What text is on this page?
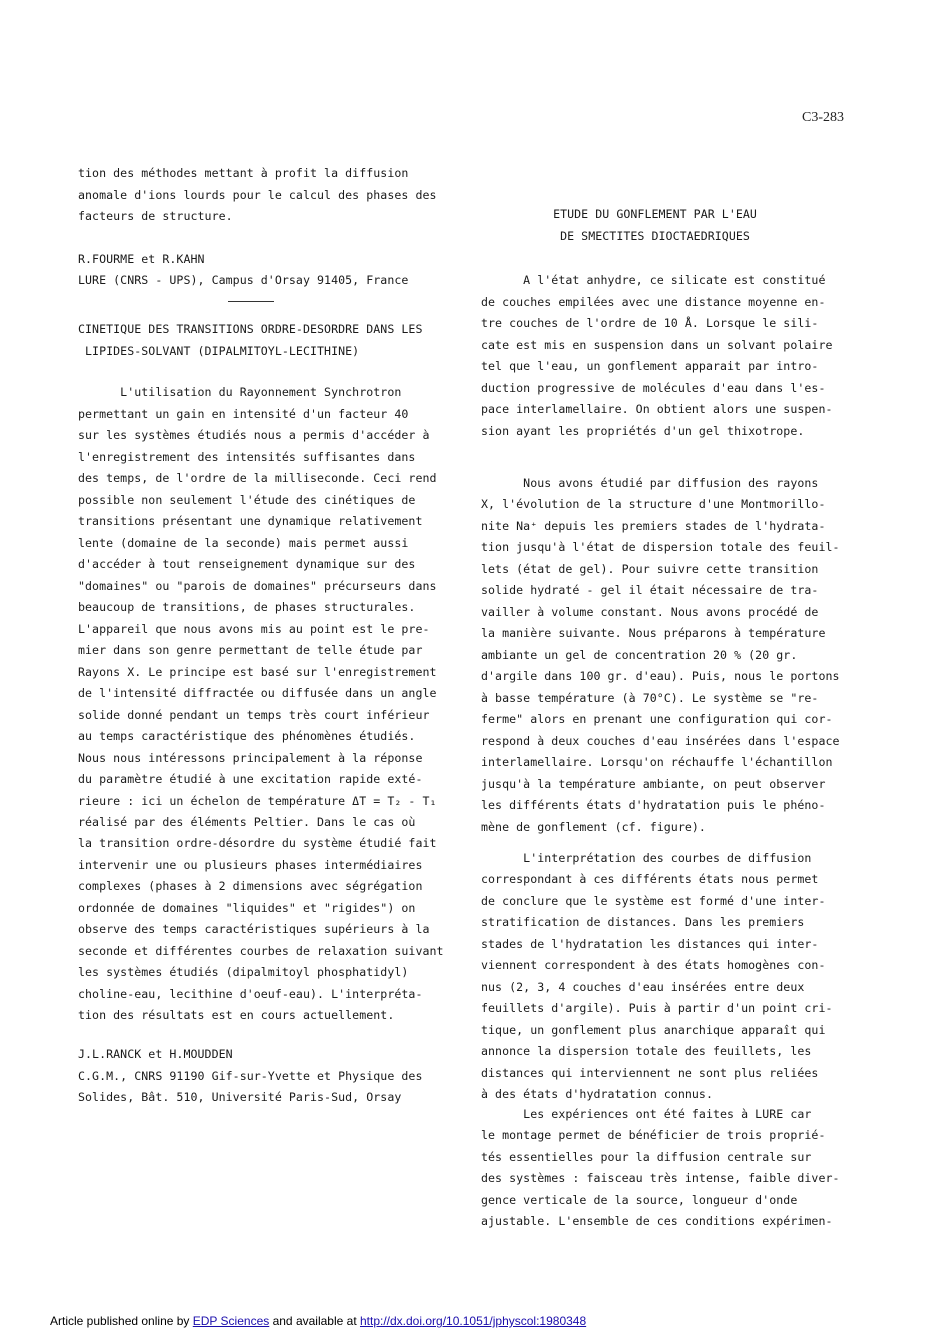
C3-283
tion des méthodes mettant à profit la diffusion
anomale d'ions lourds pour le calcul des phases des
facteurs de structure.
R.FOURME et R.KAHN
LURE (CNRS - UPS), Campus d'Orsay 91405, France
CINETIQUE DES TRANSITIONS ORDRE-DESORDRE DANS LES
LIPIDES-SOLVANT (DIPALMITOYL-LECITHINE)
L'utilisation du Rayonnement Synchrotron
permettant un gain en intensité d'un facteur 40
sur les systèmes étudiés nous a permis d'accéder à
l'enregistrement des intensités suffisantes dans
des temps, de l'ordre de la milliseconde. Ceci rend
possible non seulement l'étude des cinétiques de
transitions présentant une dynamique relativement
lente (domaine de la seconde) mais permet aussi
d'accéder à tout renseignement dynamique sur des
"domaines" ou "parois de domaines" précurseurs dans
beaucoup de transitions, de phases structurales.
L'appareil que nous avons mis au point est le pre-
mier dans son genre permettant de telle étude par
Rayons X. Le principe est basé sur l'enregistrement
de l'intensité diffractée ou diffusée dans un angle
solide donné pendant un temps très court inférieur
au temps caractéristique des phénomènes étudiés.
Nous nous intéressons principalement à la réponse
du paramètre étudié à une excitation rapide exté-
rieure : ici un échelon de température ΔT = T₂ - T₁
réalisé par des éléments Peltier. Dans le cas où
la transition ordre-désordre du système étudié fait
intervenir une ou plusieurs phases intermédiaires
complexes (phases à 2 dimensions avec ségrégation
ordonnée de domaines "liquides" et "rigides") on
observe des temps caractéristiques supérieurs à la
seconde et différentes courbes de relaxation suivant
les systèmes étudiés (dipalmitoyl phosphatidyl)
choline-eau, lecithine d'oeuf-eau). L'interpréta-
tion des résultats est en cours actuellement.
J.L.RANCK et H.MOUDDEN
C.G.M., CNRS 91190 Gif-sur-Yvette et Physique des
Solides, Bât. 510, Université Paris-Sud, Orsay
ETUDE DU GONFLEMENT PAR L'EAU
DE SMECTITES DIOCTAEDRIQUES
A l'état anhydre, ce silicate est constitué
de couches empilées avec une distance moyenne en-
tre couches de l'ordre de 10 Å. Lorsque le sili-
cate est mis en suspension dans un solvant polaire
tel que l'eau, un gonflement apparait par intro-
duction progressive de molécules d'eau dans l'es-
pace interlamellaire. On obtient alors une suspen-
sion ayant les propriétés d'un gel thixotrope.
Nous avons étudié par diffusion des rayons
X, l'évolution de la structure d'une Montmorillo-
nite Na⁺ depuis les premiers stades de l'hydrata-
tion jusqu'à l'état de dispersion totale des feuil-
lets (état de gel). Pour suivre cette transition
solide hydraté - gel il était nécessaire de tra-
vailler à volume constant. Nous avons procédé de
la manière suivante. Nous préparons à température
ambiante un gel de concentration 20 % (20 gr.
d'argile dans 100 gr. d'eau). Puis, nous le portons
à basse température (à 70°C). Le système se "re-
ferme" alors en prenant une configuration qui cor-
respond à deux couches d'eau insérées dans l'espace
interlamellaire. Lorsqu'on réchauffe l'échantillon
jusqu'à la température ambiante, on peut observer
les différents états d'hydratation puis le phéno-
mène de gonflement (cf. figure).
L'interprétation des courbes de diffusion
correspondant à ces différents états nous permet
de conclure que le système est formé d'une inter-
stratification de distances. Dans les premiers
stades de l'hydratation les distances qui inter-
viennent correspondent à des états homogènes con-
nus (2, 3, 4 couches d'eau insérées entre deux
feuillets d'argile). Puis à partir d'un point cri-
tique, un gonflement plus anarchique apparaît qui
annonce la dispersion totale des feuillets, les
distances qui interviennent ne sont plus reliées
à des états d'hydratation connus.
Les expériences ont été faites à LURE car
le montage permet de bénéficier de trois proprié-
tés essentielles pour la diffusion centrale sur
des systèmes : faisceau très intense, faible diver-
gence verticale de la source, longueur d'onde
ajustable. L'ensemble de ces conditions expérimen-
Article published online by EDP Sciences and available at http://dx.doi.org/10.1051/jphyscol:1980348
